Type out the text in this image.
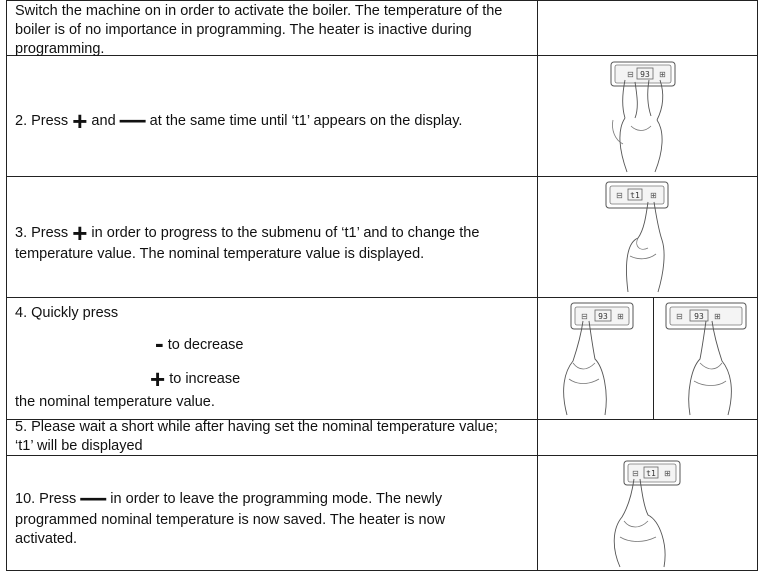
Switch the machine on in order to activate the boiler. The temperature of the
boiler is of no importance in programming. The heater is inactive during
programming.
2. Press + and — at the same time until ‘t1’ appears on the display.
93
⊟	⊞
3. Press + in order to progress to the submenu of ‘t1’ and to change the
temperature value. The nominal temperature value is displayed.
t1
⊟	⊞
4. Quickly press
- to decrease
+ to increase
the nominal temperature value.
93
⊟	⊞	93
⊟	⊞
5. Please wait a short while after having set the nominal temperature value;
‘t1’ will be displayed
10. Press — in order to leave the programming mode. The newly
programmed nominal temperature is now saved. The heater is now
activated.
t1
⊟	⊞
